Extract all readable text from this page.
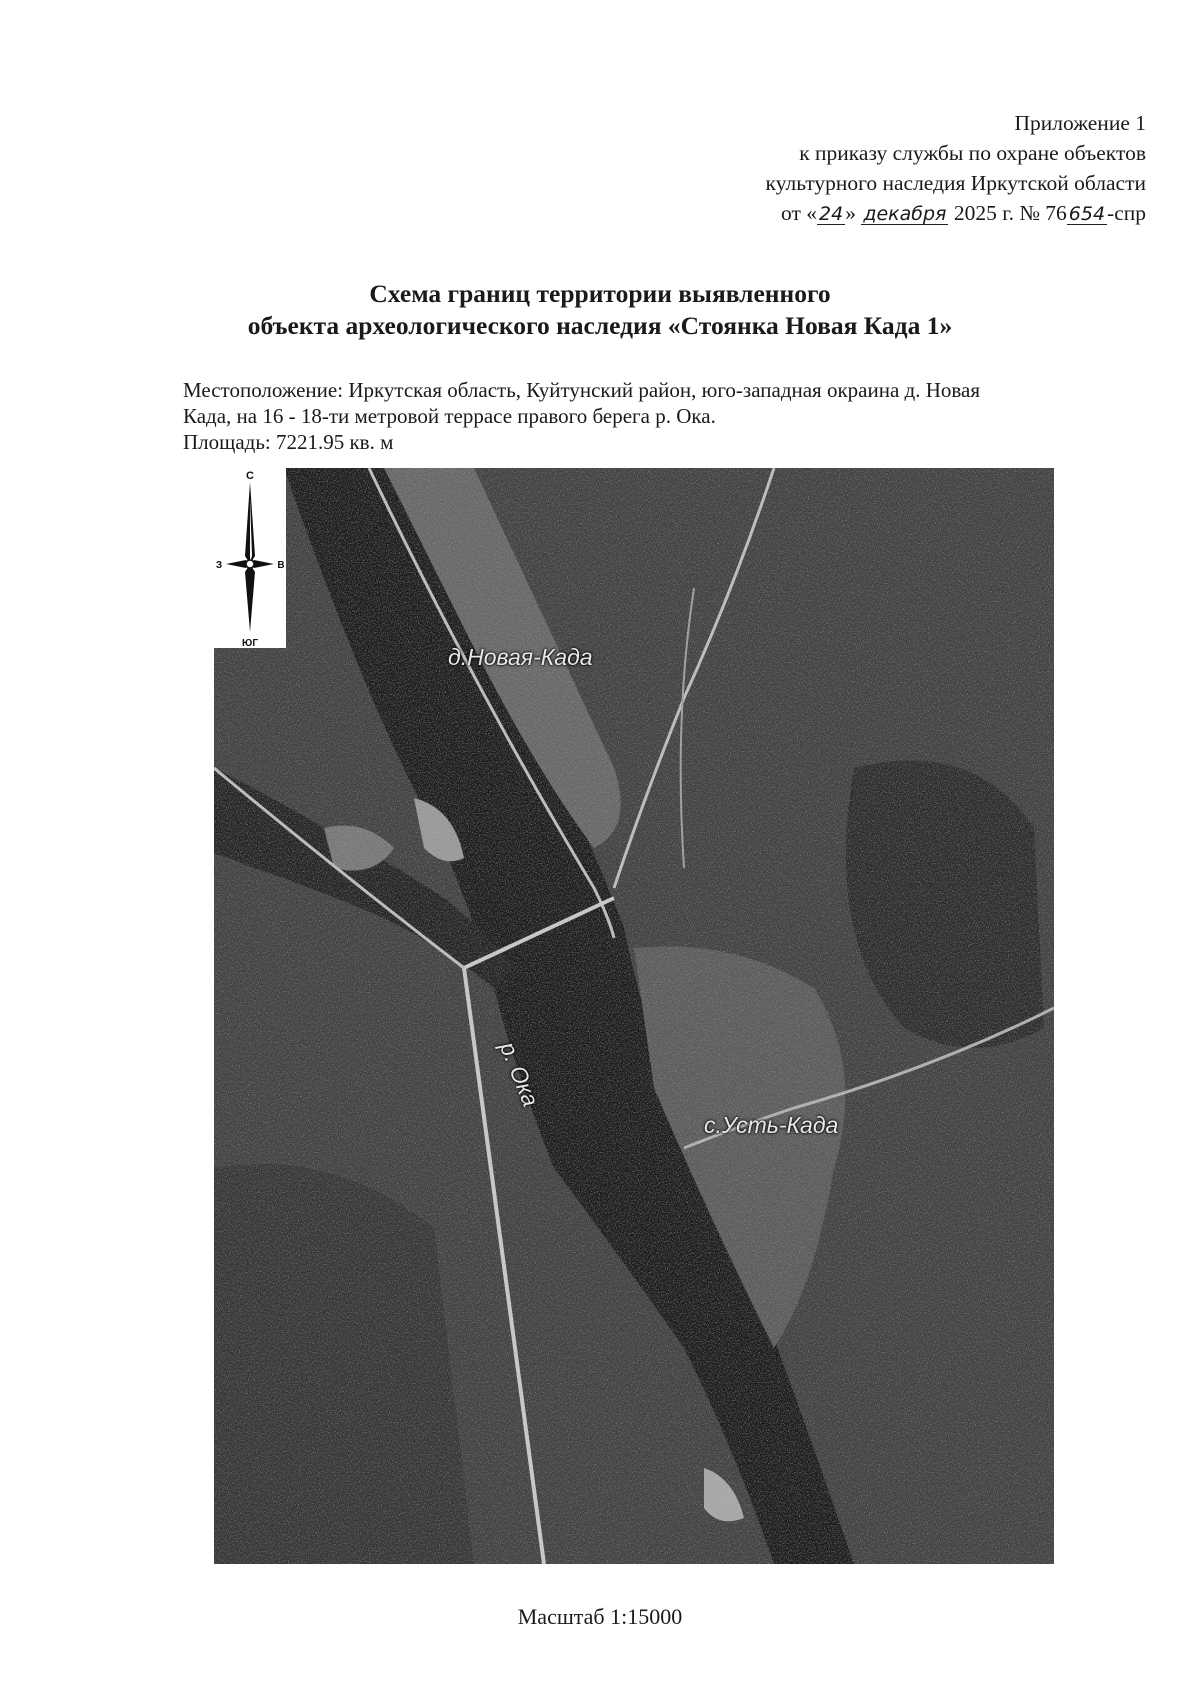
Приложение 1
к приказу службы по охране объектов
культурного наследия Иркутской области
от « 24» декабря 2025 г. № 76 654-спр
Схема границ территории выявленного
объекта археологического наследия «Стоянка Новая Када 1»
Местоположение: Иркутская область, Куйтунский район, юго-западная окраина д. Новая
Када, на 16 - 18-ти метровой террасе правого берега р. Ока.
Площадь: 7221.95 кв. м
С
ЮГ
З	В
д.Новая-Када
р. Ока
с.Усть-Када
Масштаб 1:15000
